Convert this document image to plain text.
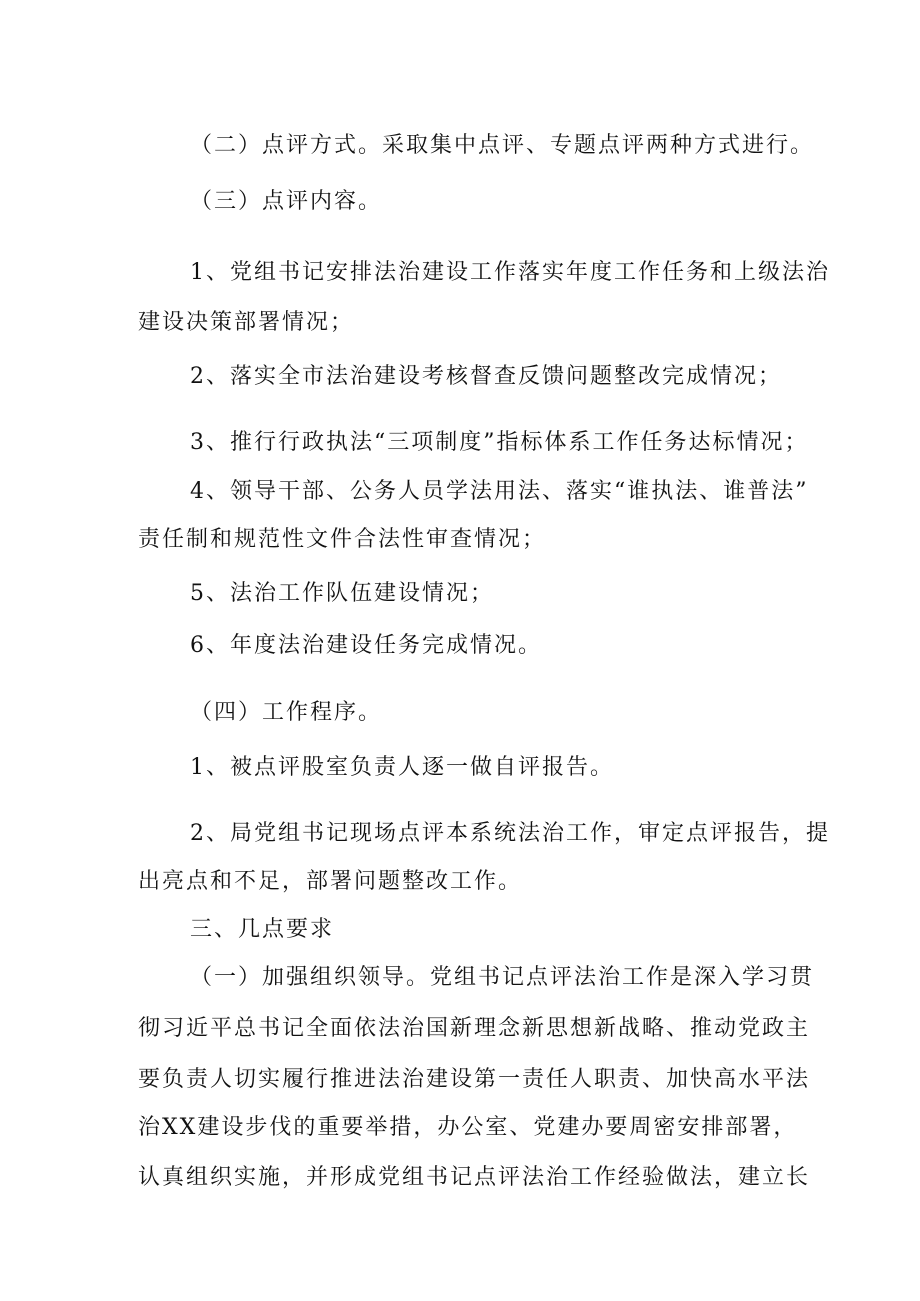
（二）点评方式。采取集中点评、专题点评两种方式进行。
（三）点评内容。
1、党组书记安排法治建设工作落实年度工作任务和上级法治
建设决策部署情况；
2、落实全市法治建设考核督查反馈问题整改完成情况；
3、推行行政执法“三项制度”指标体系工作任务达标情况；
4、领导干部、公务人员学法用法、落实“谁执法、谁普法”
责任制和规范性文件合法性审查情况；
5、法治工作队伍建设情况；
6、年度法治建设任务完成情况。
（四）工作程序。
1、被点评股室负责人逐一做自评报告。
2、局党组书记现场点评本系统法治工作，审定点评报告，提
出亮点和不足，部署问题整改工作。
三、几点要求
（一）加强组织领导。党组书记点评法治工作是深入学习贯
彻习近平总书记全面依法治国新理念新思想新战略、推动党政主
要负责人切实履行推进法治建设第一责任人职责、加快高水平法
治XX建设步伐的重要举措，办公室、党建办要周密安排部署，
认真组织实施，并形成党组书记点评法治工作经验做法，建立长
